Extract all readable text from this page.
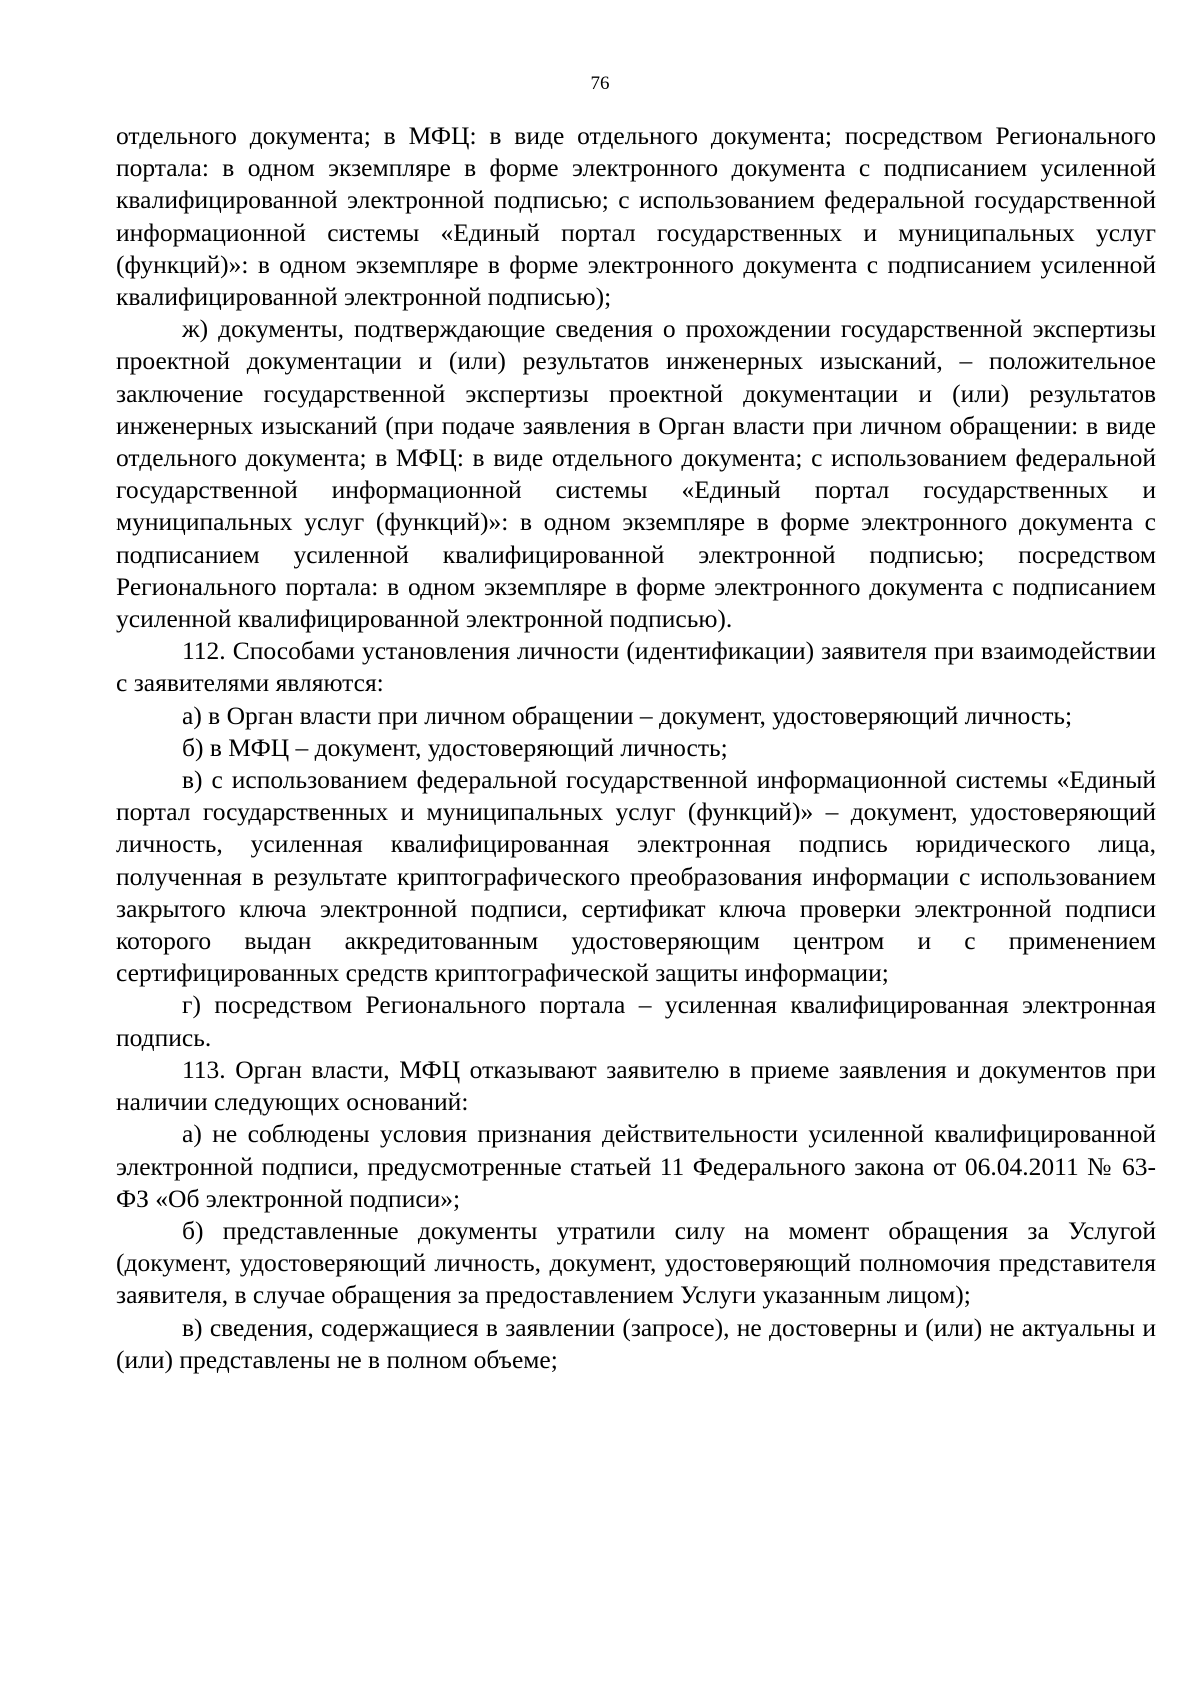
76

отдельного документа; в МФЦ: в виде отдельного документа; посредством Регионального портала: в одном экземпляре в форме электронного документа с подписанием усиленной квалифицированной электронной подписью; с использованием федеральной государственной информационной системы «Единый портал государственных и муниципальных услуг (функций)»: в одном экземпляре в форме электронного документа с подписанием усиленной квалифицированной электронной подписью);

ж) документы, подтверждающие сведения о прохождении государственной экспертизы проектной документации и (или) результатов инженерных изысканий, – положительное заключение государственной экспертизы проектной документации и (или) результатов инженерных изысканий (при подаче заявления в Орган власти при личном обращении: в виде отдельного документа; в МФЦ: в виде отдельного документа; с использованием федеральной государственной информационной системы «Единый портал государственных и муниципальных услуг (функций)»: в одном экземпляре в форме электронного документа с подписанием усиленной квалифицированной электронной подписью; посредством Регионального портала: в одном экземпляре в форме электронного документа с подписанием усиленной квалифицированной электронной подписью).

112. Способами установления личности (идентификации) заявителя при взаимодействии с заявителями являются:

а) в Орган власти при личном обращении – документ, удостоверяющий личность;

б) в МФЦ – документ, удостоверяющий личность;

в) с использованием федеральной государственной информационной системы «Единый портал государственных и муниципальных услуг (функций)» – документ, удостоверяющий личность, усиленная квалифицированная электронная подпись юридического лица, полученная в результате криптографического преобразования информации с использованием закрытого ключа электронной подписи, сертификат ключа проверки электронной подписи которого выдан аккредитованным удостоверяющим центром и с применением сертифицированных средств криптографической защиты информации;

г) посредством Регионального портала – усиленная квалифицированная электронная подпись.

113. Орган власти, МФЦ отказывают заявителю в приеме заявления и документов при наличии следующих оснований:

а) не соблюдены условия признания действительности усиленной квалифицированной электронной подписи, предусмотренные статьей 11 Федерального закона от 06.04.2011 № 63-ФЗ «Об электронной подписи»;

б) представленные документы утратили силу на момент обращения за Услугой (документ, удостоверяющий личность, документ, удостоверяющий полномочия представителя заявителя, в случае обращения за предоставлением Услуги указанным лицом);

в) сведения, содержащиеся в заявлении (запросе), не достоверны и (или) не актуальны и (или) представлены не в полном объеме;
